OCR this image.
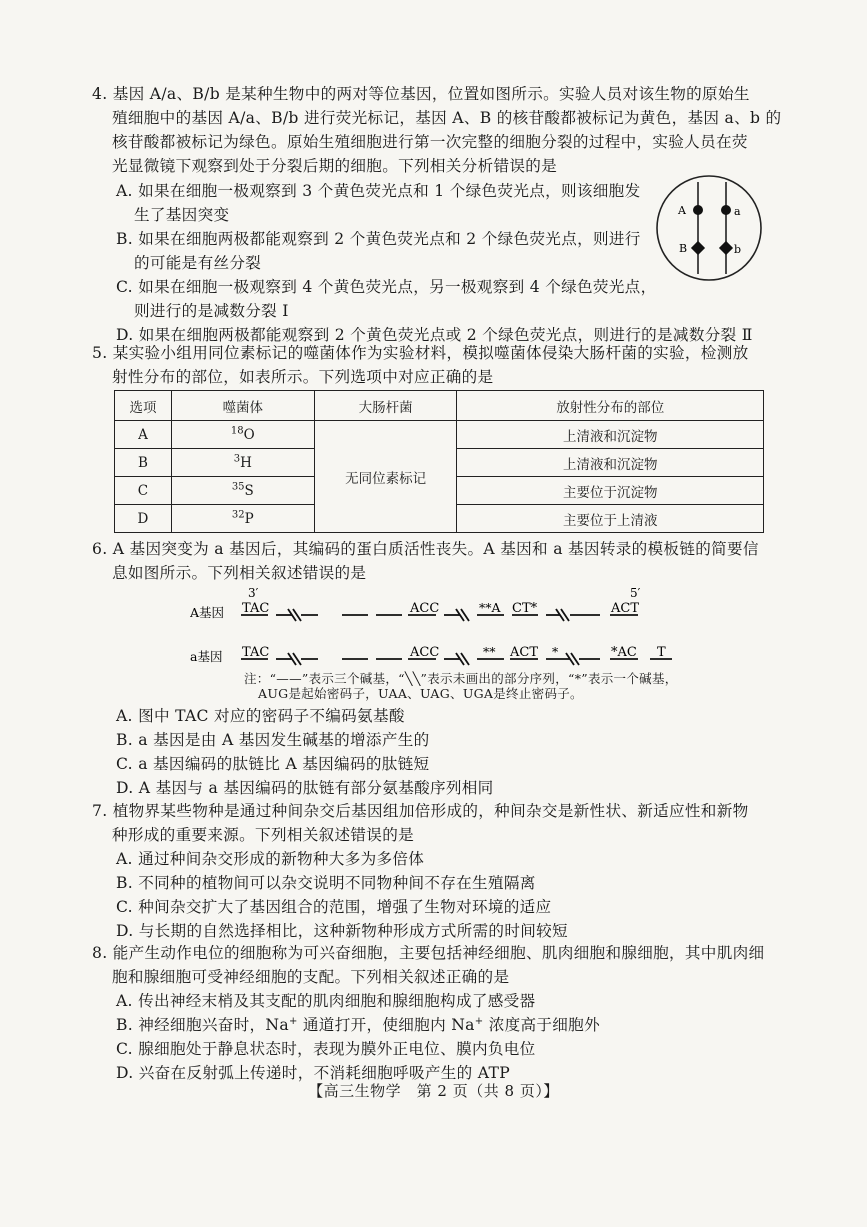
4. 基因 A/a、B/b 是某种生物中的两对等位基因，位置如图所示。实验人员对该生物的原始生
殖细胞中的基因 A/a、B/b 进行荧光标记，基因 A、B 的核苷酸都被标记为黄色，基因 a、b 的
核苷酸都被标记为绿色。原始生殖细胞进行第一次完整的细胞分裂的过程中，实验人员在荧
光显微镜下观察到处于分裂后期的细胞。下列相关分析错误的是
A. 如果在细胞一极观察到 3 个黄色荧光点和 1 个绿色荧光点，则该细胞发
生了基因突变
B. 如果在细胞两极都能观察到 2 个黄色荧光点和 2 个绿色荧光点，则进行
的可能是有丝分裂
C. 如果在细胞一极观察到 4 个黄色荧光点，另一极观察到 4 个绿色荧光点，
则进行的是减数分裂 Ⅰ
D. 如果在细胞两极都能观察到 2 个黄色荧光点或 2 个绿色荧光点，则进行的是减数分裂 Ⅱ
A	a
B	b
5. 某实验小组用同位素标记的噬菌体作为实验材料，模拟噬菌体侵染大肠杆菌的实验，检测放
射性分布的部位，如表所示。下列选项中对应正确的是
选项	噬菌体	大肠杆菌	放射性分布的部位
A	$^{18}$O	无同位素标记	上清液和沉淀物
B	$^3$H		上清液和沉淀物
C	$^{35}$S		主要位于沉淀物
D	$^{32}$P		主要位于上清液
6. A 基因突变为 a 基因后，其编码的蛋白质活性丧失。A 基因和 a 基因转录的模板链的简要信
息如图所示。下列相关叙述错误的是
3′	5′
A基因 TAC	ACC	**A CT*	ACT
a基因 TAC	ACC	** ACT *	*AC T
注：“——”表示三个碱基，“╲╲”表示未画出的部分序列，“*”表示一个碱基，
AUG是起始密码子，UAA、UAG、UGA是终止密码子。
A. 图中 TAC 对应的密码子不编码氨基酸
B. a 基因是由 A 基因发生碱基的增添产生的
C. a 基因编码的肽链比 A 基因编码的肽链短
D. A 基因与 a 基因编码的肽链有部分氨基酸序列相同
7. 植物界某些物种是通过种间杂交后基因组加倍形成的，种间杂交是新性状、新适应性和新物
种形成的重要来源。下列相关叙述错误的是
A. 通过种间杂交形成的新物种大多为多倍体
B. 不同种的植物间可以杂交说明不同物种间不存在生殖隔离
C. 种间杂交扩大了基因组合的范围，增强了生物对环境的适应
D. 与长期的自然选择相比，这种新物种形成方式所需的时间较短
8. 能产生动作电位的细胞称为可兴奋细胞，主要包括神经细胞、肌肉细胞和腺细胞，其中肌肉细
胞和腺细胞可受神经细胞的支配。下列相关叙述正确的是
A. 传出神经末梢及其支配的肌肉细胞和腺细胞构成了感受器
B. 神经细胞兴奋时，Na+ 通道打开，使细胞内 Na+ 浓度高于细胞外
C. 腺细胞处于静息状态时，表现为膜外正电位、膜内负电位
D. 兴奋在反射弧上传递时，不消耗细胞呼吸产生的 ATP
【高三生物学　第 2 页（共 8 页）】
